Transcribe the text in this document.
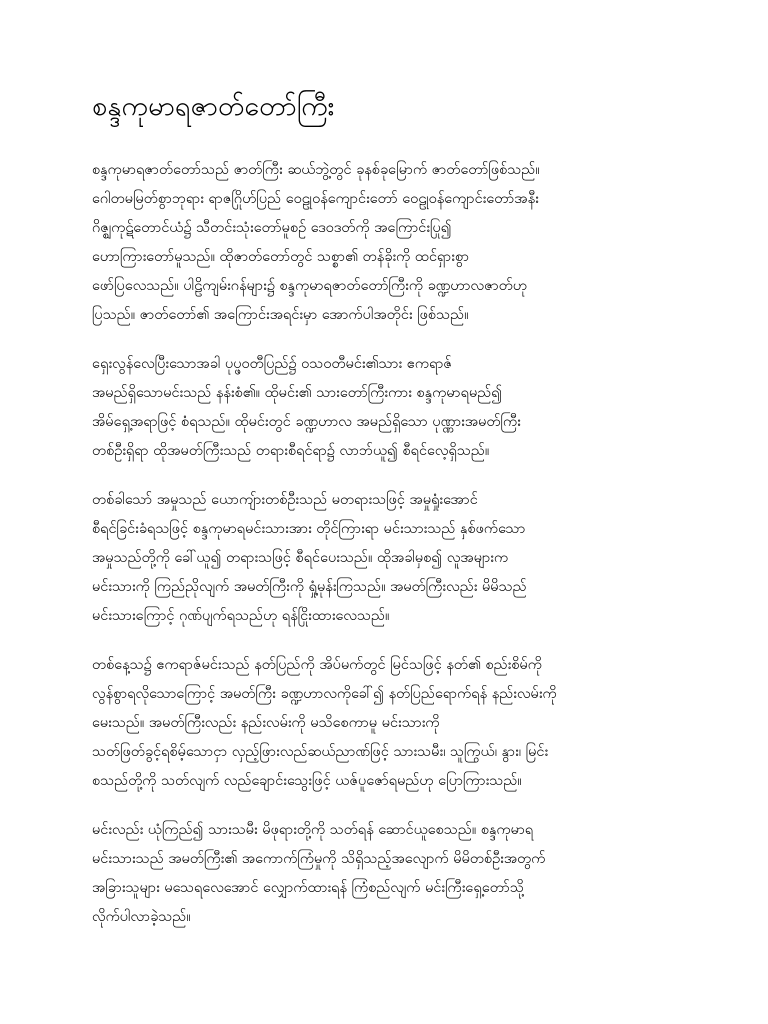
စန္ဒကုမာရဇာတ်တော်ကြီး
စန္ဒကုမာရဇာတ်တော်သည် ဇာတ်ကြီး ဆယ်ဘွဲ့တွင် ခုနစ်ခုမြောက် ဇာတ်တော်ဖြစ်သည်။
ဂေါတမမြတ်စွာဘုရား ရာဇဂြိုဟ်ပြည် ဝေဠုဝန်ကျောင်းတော် ဝေဠုဝန်ကျောင်းတော်အနီး
ဂိဇ္ဈကုဋ်တောင်ယံ၌ သီတင်းသုံးတော်မူစဉ် ဒေဝဒတ်ကို အကြောင်းပြု၍
ဟောကြားတော်မူသည်။ ထိုဇာတ်တော်တွင် သစ္စာ၏ တန်ခိုးကို ထင်ရှားစွာ
ဖော်ပြလေသည်။ ပါဠိကျမ်းဂန်များ၌ စန္ဒကုမာရဇာတ်တော်ကြီးကို ခဏ္ဍဟာလဇာတ်ဟု
ပြသည်။ ဇာတ်တော်၏ အကြောင်းအရင်းမှာ အောက်ပါအတိုင်း ဖြစ်သည်။
ရှေးလွန်လေပြီးသောအခါ ပုပ္ဖဝတီပြည်၌ ဝသဝတီမင်း၏သား ဧကရာဇ်
အမည်ရှိသောမင်းသည် နန်းစံ၏။ ထိုမင်း၏ သားတော်ကြီးကား စန္ဒကုမာရမည်၍
အိမ်ရှေ့အရာဖြင့် စံရသည်။ ထိုမင်းတွင် ခဏ္ဍဟာလ အမည်ရှိသော ပုဏ္ဏားအမတ်ကြီး
တစ်ဦးရှိရာ ထိုအမတ်ကြီးသည် တရားစီရင်ရာ၌ လာဘ်ယူ၍ စီရင်လေ့ရှိသည်။
တစ်ခါသော် အမှုသည် ယောကျ်ားတစ်ဦးသည် မတရားသဖြင့် အမှုရှုံးအောင်
စီရင်ခြင်းခံရသဖြင့် စန္ဒကုမာရမင်းသားအား တိုင်ကြားရာ မင်းသားသည် နှစ်ဖက်သော
အမှုသည်တို့ကို ခေါ်ယူ၍ တရားသဖြင့် စီရင်ပေးသည်။ ထိုအခါမှစ၍ လူအများက
မင်းသားကို ကြည်ညိုလျက် အမတ်ကြီးကို ရှုံ့မုန်းကြသည်။ အမတ်ကြီးလည်း မိမိသည်
မင်းသားကြောင့် ဂုဏ်ပျက်ရသည်ဟု ရန်ငြိုးထားလေသည်။
တစ်နေ့သ၌ ဧကရာဇ်မင်းသည် နတ်ပြည်ကို အိပ်မက်တွင် မြင်သဖြင့် နတ်၏ စည်းစိမ်ကို
လွန်စွာရလိုသောကြောင့် အမတ်ကြီး ခဏ္ဍဟာလကိုခေါ်၍ နတ်ပြည်ရောက်ရန် နည်းလမ်းကို
မေးသည်။ အမတ်ကြီးလည်း နည်းလမ်းကို မသိစေကာမူ မင်းသားကို
သတ်ဖြတ်ခွင့်ရစိမ့်သောငှာ လှည့်ဖြားလည်ဆယ်ညာဏ်ဖြင့် သားသမီး၊ သူကြွယ်၊ နွား၊ မြင်း
စသည်တို့ကို သတ်လျက် လည်ချောင်းသွေးဖြင့် ယဇ်ပူဇော်ရမည်ဟု ပြောကြားသည်။
မင်းလည်း ယုံကြည်၍ သားသမီး မိဖုရားတို့ကို သတ်ရန် ဆောင်ယူစေသည်။ စန္ဒကုမာရ
မင်းသားသည် အမတ်ကြီး၏ အကောက်ကြံမှုကို သိရှိသည့်အလျောက် မိမိတစ်ဦးအတွက်
အခြားသူများ မသေရလေအောင် လျှောက်ထားရန် ကြံစည်လျက် မင်းကြီးရှေ့တော်သို့
လိုက်ပါလာခဲ့သည်။
